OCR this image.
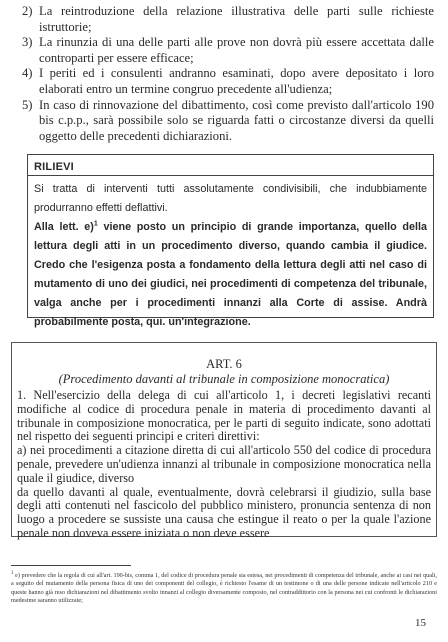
2) La reintroduzione della relazione illustrativa delle parti sulle richieste istruttorie;
3) La rinunzia di una delle parti alle prove non dovrà più essere accettata dalle controparti per essere efficace;
4) I periti ed i consulenti andranno esaminati, dopo avere depositato i loro elaborati entro un termine congruo precedente all'udienza;
5) In caso di rinnovazione del dibattimento, così come previsto dall'articolo 190 bis c.p.p., sarà possibile solo se riguarda fatti o circostanze diversi da quelli oggetto delle precedenti dichiarazioni.
RILIEVI

Si tratta di interventi tutti assolutamente condivisibili, che indubbiamente produrranno effetti deflattivi.

Alla lett. e)$^1$ viene posto un principio di grande importanza, quello della lettura degli atti in un procedimento diverso, quando cambia il giudice. Credo che l'esigenza posta a fondamento della lettura degli atti nel caso di mutamento di uno dei giudici, nei procedimenti di competenza del tribunale, valga anche per i procedimenti innanzi alla Corte di assise. Andrà probabilmente posta, qui. un'integrazione.

ART. 6
(Procedimento davanti al tribunale in composizione monocratica)

1. Nell'esercizio della delega di cui all'articolo 1, i decreti legislativi recanti modifiche al codice di procedura penale in materia di procedimento davanti al tribunale in composizione monocratica, per le parti di seguito indicate, sono adottati nel rispetto dei seguenti principi e criteri direttivi:

a) nei procedimenti a citazione diretta di cui all'articolo 550 del codice di procedura penale, prevedere un'udienza innanzi al tribunale in composizione monocratica nella quale il giudice, diverso

da quello davanti al quale, eventualmente, dovrà celebrarsi il giudizio, sulla base degli atti contenuti nel fascicolo del pubblico ministero, pronuncia sentenza di non luogo a procedere se sussiste una causa che estingue il reato o per la quale l'azione penale non doveva essere iniziata o non deve essere

$^1$ e) prevedere che la regola di cui all'art. 190-bis, comma 1, del codice di procedura penale sia estesa, nei procedimenti di competenza del tribunale, anche ai casi nei quali, a seguito del mutamento della persona fisica di uno dei componenti del collegio, è richiesto l'esame di un testimone o di una delle persone indicate nell'articolo 210 e queste hanno già reso dichiarazioni nel dibattimento svolto innanzi al collegio diversamente composto, nel contraddittorio con la persona nei cui confronti le dichiarazioni medesime saranno utilizzate;
15
